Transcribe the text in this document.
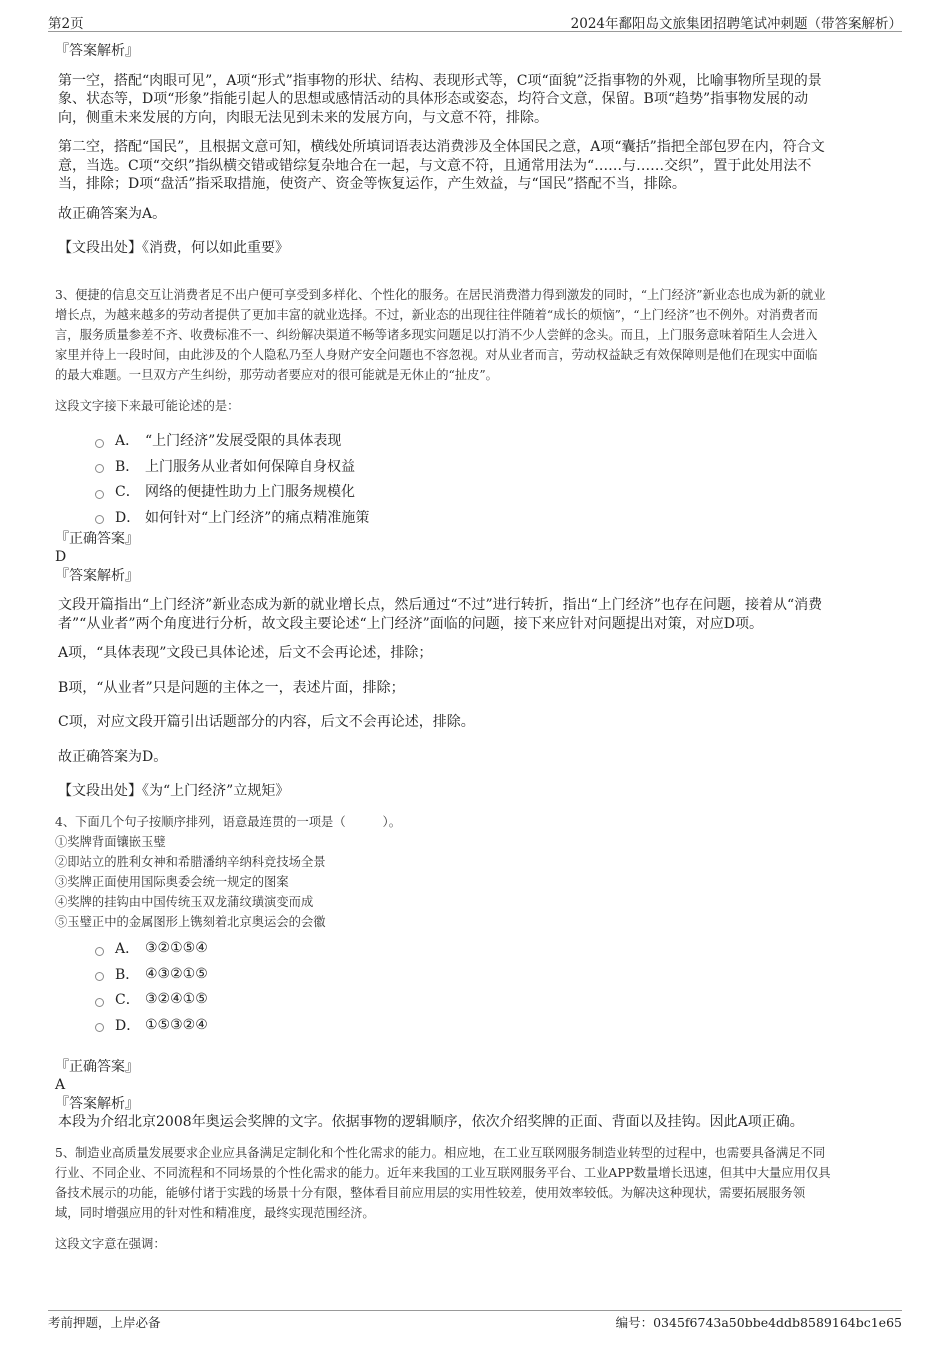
第2页	2024年鄱阳岛文旅集团招聘笔试冲刺题（带答案解析）
『答案解析』
第一空，搭配“肉眼可见”，A项“形式”指事物的形状、结构、表现形式等，C项“面貌”泛指事物的外观，比喻事物所呈现的景
象、状态等，D项“形象”指能引起人的思想或感情活动的具体形态或姿态，均符合文意，保留。B项“趋势”指事物发展的动
向，侧重未来发展的方向，肉眼无法见到未来的发展方向，与文意不符，排除。
第二空，搭配“国民”，且根据文意可知，横线处所填词语表达消费涉及全体国民之意，A项“囊括”指把全部包罗在内，符合文
意，当选。C项“交织”指纵横交错或错综复杂地合在一起，与文意不符，且通常用法为“……与……交织”，置于此处用法不
当，排除；D项“盘活”指采取措施，使资产、资金等恢复运作，产生效益，与“国民”搭配不当，排除。
故正确答案为A。
【文段出处】《消费，何以如此重要》
3、便捷的信息交互让消费者足不出户便可享受到多样化、个性化的服务。在居民消费潜力得到激发的同时，“上门经济”新业态也成为新的就业
增长点，为越来越多的劳动者提供了更加丰富的就业选择。不过，新业态的出现往往伴随着“成长的烦恼”，“上门经济”也不例外。对消费者而
言，服务质量参差不齐、收费标准不一、纠纷解决渠道不畅等诸多现实问题足以打消不少人尝鲜的念头。而且，上门服务意味着陌生人会进入
家里并待上一段时间，由此涉及的个人隐私乃至人身财产安全问题也不容忽视。对从业者而言，劳动权益缺乏有效保障则是他们在现实中面临
的最大难题。一旦双方产生纠纷，那劳动者要应对的很可能就是无休止的“扯皮”。
这段文字接下来最可能论述的是：
A． “上门经济”发展受限的具体表现
B． 上门服务从业者如何保障自身权益
C． 网络的便捷性助力上门服务规模化
D． 如何针对“上门经济”的痛点精准施策
『正确答案』
D
『答案解析』
文段开篇指出“上门经济”新业态成为新的就业增长点，然后通过“不过”进行转折，指出“上门经济”也存在问题，接着从“消费
者”“从业者”两个角度进行分析，故文段主要论述“上门经济”面临的问题，接下来应针对问题提出对策，对应D项。
A项，“具体表现”文段已具体论述，后文不会再论述，排除；
B项，“从业者”只是问题的主体之一，表述片面，排除；
C项，对应文段开篇引出话题部分的内容，后文不会再论述，排除。
故正确答案为D。
【文段出处】《为“上门经济”立规矩》
4、下面几个句子按顺序排列，语意最连贯的一项是（　　　）。
①奖牌背面镶嵌玉璧
②即站立的胜利女神和希腊潘纳辛纳科竞技场全景
③奖牌正面使用国际奥委会统一规定的图案
④奖牌的挂钩由中国传统玉双龙蒲纹璜演变而成
⑤玉璧正中的金属图形上镌刻着北京奥运会的会徽
A． ③②①⑤④
B． ④③②①⑤
C． ③②④①⑤
D． ①⑤③②④
『正确答案』
A
『答案解析』
本段为介绍北京2008年奥运会奖牌的文字。依据事物的逻辑顺序，依次介绍奖牌的正面、背面以及挂钩。因此A项正确。
5、制造业高质量发展要求企业应具备满足定制化和个性化需求的能力。相应地，在工业互联网服务制造业转型的过程中，也需要具备满足不同
行业、不同企业、不同流程和不同场景的个性化需求的能力。近年来我国的工业互联网服务平台、工业APP数量增长迅速，但其中大量应用仅具
备技术展示的功能，能够付诸于实践的场景十分有限，整体看目前应用层的实用性较差，使用效率较低。为解决这种现状，需要拓展服务领
域，同时增强应用的针对性和精准度，最终实现范围经济。
这段文字意在强调：
考前押题，上岸必备	编号：0345f6743a50bbe4ddb8589164bc1e65
